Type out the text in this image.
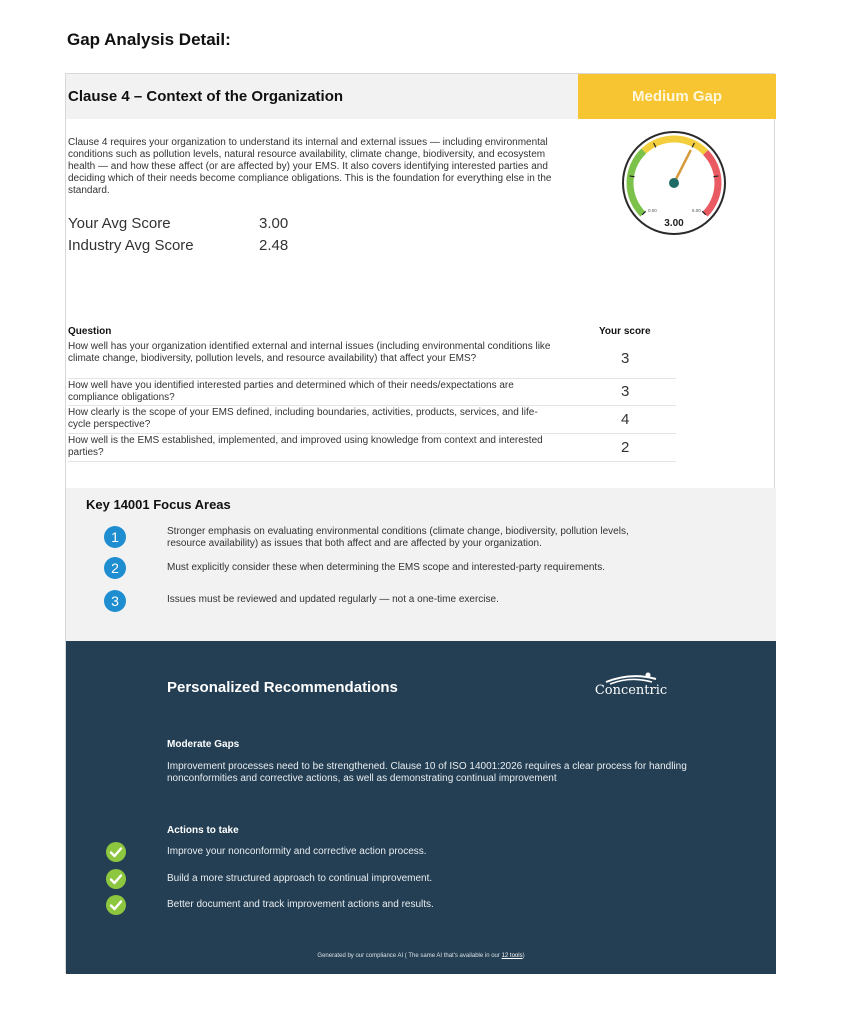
Gap Analysis Detail:
Clause 4 – Context of the Organization	Medium Gap
Clause 4 requires your organization to understand its internal and external issues — including environmental conditions such as pollution levels, natural resource availability, climate change, biodiversity, and ecosystem health — and how these affect (or are affected by) your EMS. It also covers identifying interested parties and deciding which of their needs become compliance obligations. This is the foundation for everything else in the standard.
Your Avg Score	3.00
Industry Avg Score	2.48
0.00	5.00
3.00
Question	Your score
How well has your organization identified external and internal issues (including environmental conditions like climate change, biodiversity, pollution levels, and resource availability) that affect your EMS?	3
How well have you identified interested parties and determined which of their needs/expectations are compliance obligations?	3
How clearly is the scope of your EMS defined, including boundaries, activities, products, services, and life-cycle perspective?	4
How well is the EMS established, implemented, and improved using knowledge from context and interested parties?	2
Key 14001 Focus Areas
1	Stronger emphasis on evaluating environmental conditions (climate change, biodiversity, pollution levels, resource availability) as issues that both affect and are affected by your organization.
2	Must explicitly consider these when determining the EMS scope and interested-party requirements.
3	Issues must be reviewed and updated regularly — not a one-time exercise.
Personalized Recommendations	Concentric
Moderate Gaps
Improvement processes need to be strengthened. Clause 10 of ISO 14001:2026 requires a clear process for handling nonconformities and corrective actions, as well as demonstrating continual improvement
Actions to take
Improve your nonconformity and corrective action process.
Build a more structured approach to continual improvement.
Better document and track improvement actions and results.
Generated by our compliance AI ( The same AI that's available in our 12 tools)
